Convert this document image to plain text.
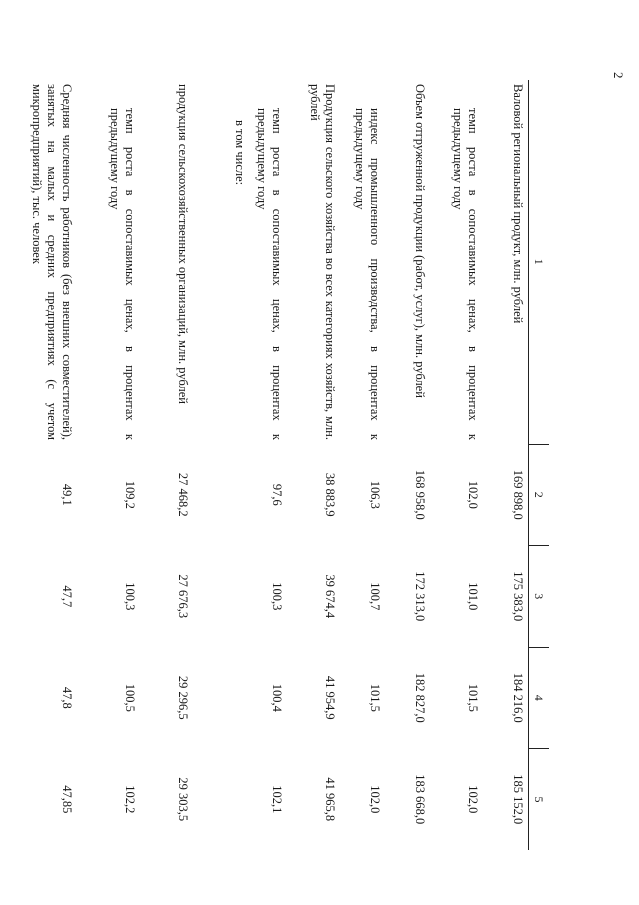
2
1	2	3	4	5
Валовой региональный продукт, млн. рублей	169 898,0	175 383,0	184 216,0	185 152,0
темп роста в сопоставимых ценах, в процентах к предыдущему году	102,0	101,0	101,5	102,0
Объем отгруженной продукции (работ, услуг), млн. рублей	168 958,0	172 313,0	182 827,0	183 668,0
индекс промышленного производства, в процентах к предыдущему году	106,3	100,7	101,5	102,0
Продукция сельского хозяйства во всех категориях хозяйств, млн. рублей	38 883,9	39 674,4	41 954,9	41 965,8
темп роста в сопоставимых ценах, в процентах к предыдущему году	97,6	100,3	100,4	102,1
в том числе:				
продукция сельскохозяйственных организаций, млн. рублей	27 468,2	27 676,3	29 296,5	29 303,5
темп роста в сопоставимых ценах, в процентах к предыдущему году	109,2	100,3	100,5	102,2
Средняя численность работников (без внешних совместителей), занятых на малых и средних предприятиях (с учетом микропредприятий), тыс. человек	49,1	47,7	47,8	47,85
